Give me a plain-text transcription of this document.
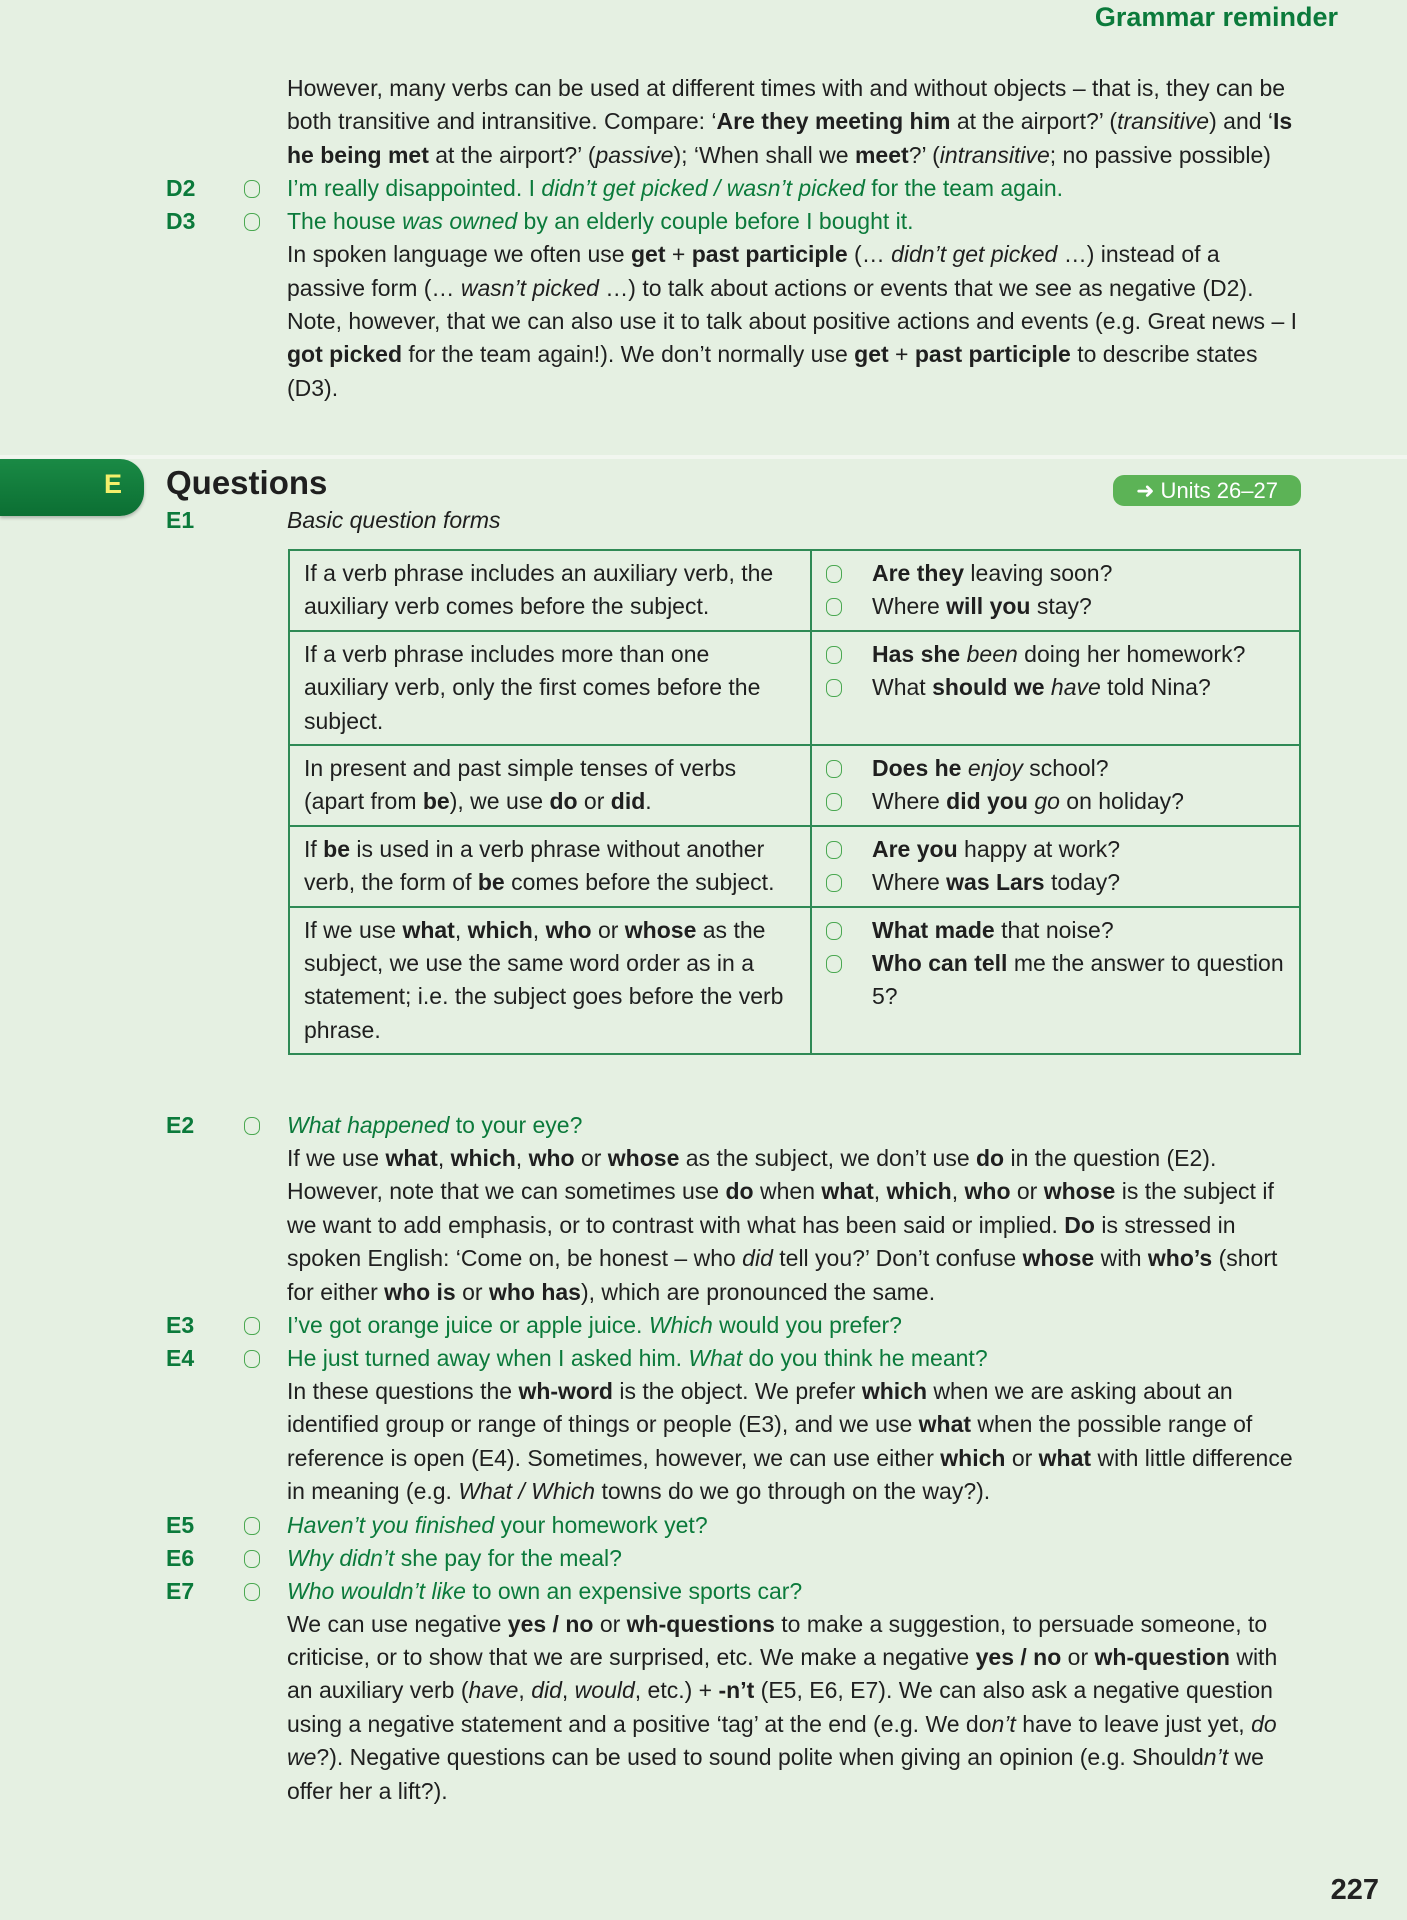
Grammar reminder
However, many verbs can be used at different times with and without objects – that is, they can be both transitive and intransitive. Compare: ‘Are they meeting him at the airport?’ (transitive) and ‘Is he being met at the airport?’ (passive); ‘When shall we meet?’ (intransitive; no passive possible)
D2	I’m really disappointed. I didn’t get picked / wasn’t picked for the team again.
D3	The house was owned by an elderly couple before I bought it.
In spoken language we often use get + past participle (… didn’t get picked …) instead of a passive form (… wasn’t picked …) to talk about actions or events that we see as negative (D2). Note, however, that we can also use it to talk about positive actions and events (e.g. Great news – I got picked for the team again!). We don’t normally use get + past participle to describe states (D3).
E Questions	➜ Units 26–27
E1	Basic question forms
If a verb phrase includes an auxiliary verb, the auxiliary verb comes before the subject.	Are they leaving soon?
Where will you stay?

If a verb phrase includes more than one auxiliary verb, only the first comes before the subject.	Has she been doing her homework?
What should we have told Nina?

In present and past simple tenses of verbs (apart from be), we use do or did.	Does he enjoy school?
Where did you go on holiday?

If be is used in a verb phrase without another verb, the form of be comes before the subject.	Are you happy at work?
Where was Lars today?

If we use what, which, who or whose as the subject, we use the same word order as in a statement; i.e. the subject goes before the verb phrase.	What made that noise?
Who can tell me the answer to question 5?
E2	What happened to your eye?
If we use what, which, who or whose as the subject, we don’t use do in the question (E2). However, note that we can sometimes use do when what, which, who or whose is the subject if we want to add emphasis, or to contrast with what has been said or implied. Do is stressed in spoken English: ‘Come on, be honest – who did tell you?’ Don’t confuse whose with who’s (short for either who is or who has), which are pronounced the same.
E3	I’ve got orange juice or apple juice. Which would you prefer?
E4	He just turned away when I asked him. What do you think he meant?
In these questions the wh-word is the object. We prefer which when we are asking about an identified group or range of things or people (E3), and we use what when the possible range of reference is open (E4). Sometimes, however, we can use either which or what with little difference in meaning (e.g. What / Which towns do we go through on the way?).
E5	Haven’t you finished your homework yet?
E6	Why didn’t she pay for the meal?
E7	Who wouldn’t like to own an expensive sports car?
We can use negative yes / no or wh-questions to make a suggestion, to persuade someone, to criticise, or to show that we are surprised, etc. We make a negative yes / no or wh-question with an auxiliary verb (have, did, would, etc.) + -n’t (E5, E6, E7). We can also ask a negative question using a negative statement and a positive ‘tag’ at the end (e.g. We don’t have to leave just yet, do we?). Negative questions can be used to sound polite when giving an opinion (e.g. Shouldn’t we offer her a lift?).
227
